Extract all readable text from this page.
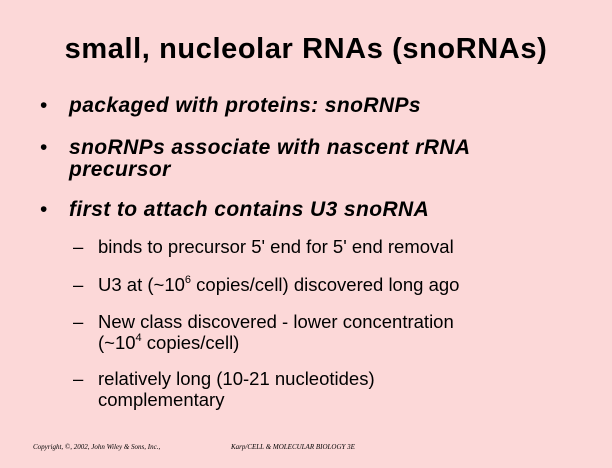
small, nucleolar RNAs (snoRNAs)
• packaged with proteins: snoRNPs
• snoRNPs associate with nascent rRNA
precursor
• first to attach contains U3 snoRNA
– binds to precursor 5' end for 5' end removal
– U3 at ($\sim 10^6$ copies/cell) discovered long ago
– New class discovered - lower concentration
($\sim 10^4$ copies/cell)
– relatively long (10-21 nucleotides)
complementary
Copyright, ©, 2002, John Wiley & Sons, Inc.,	Karp/CELL & MOLECULAR BIOLOGY 3E
